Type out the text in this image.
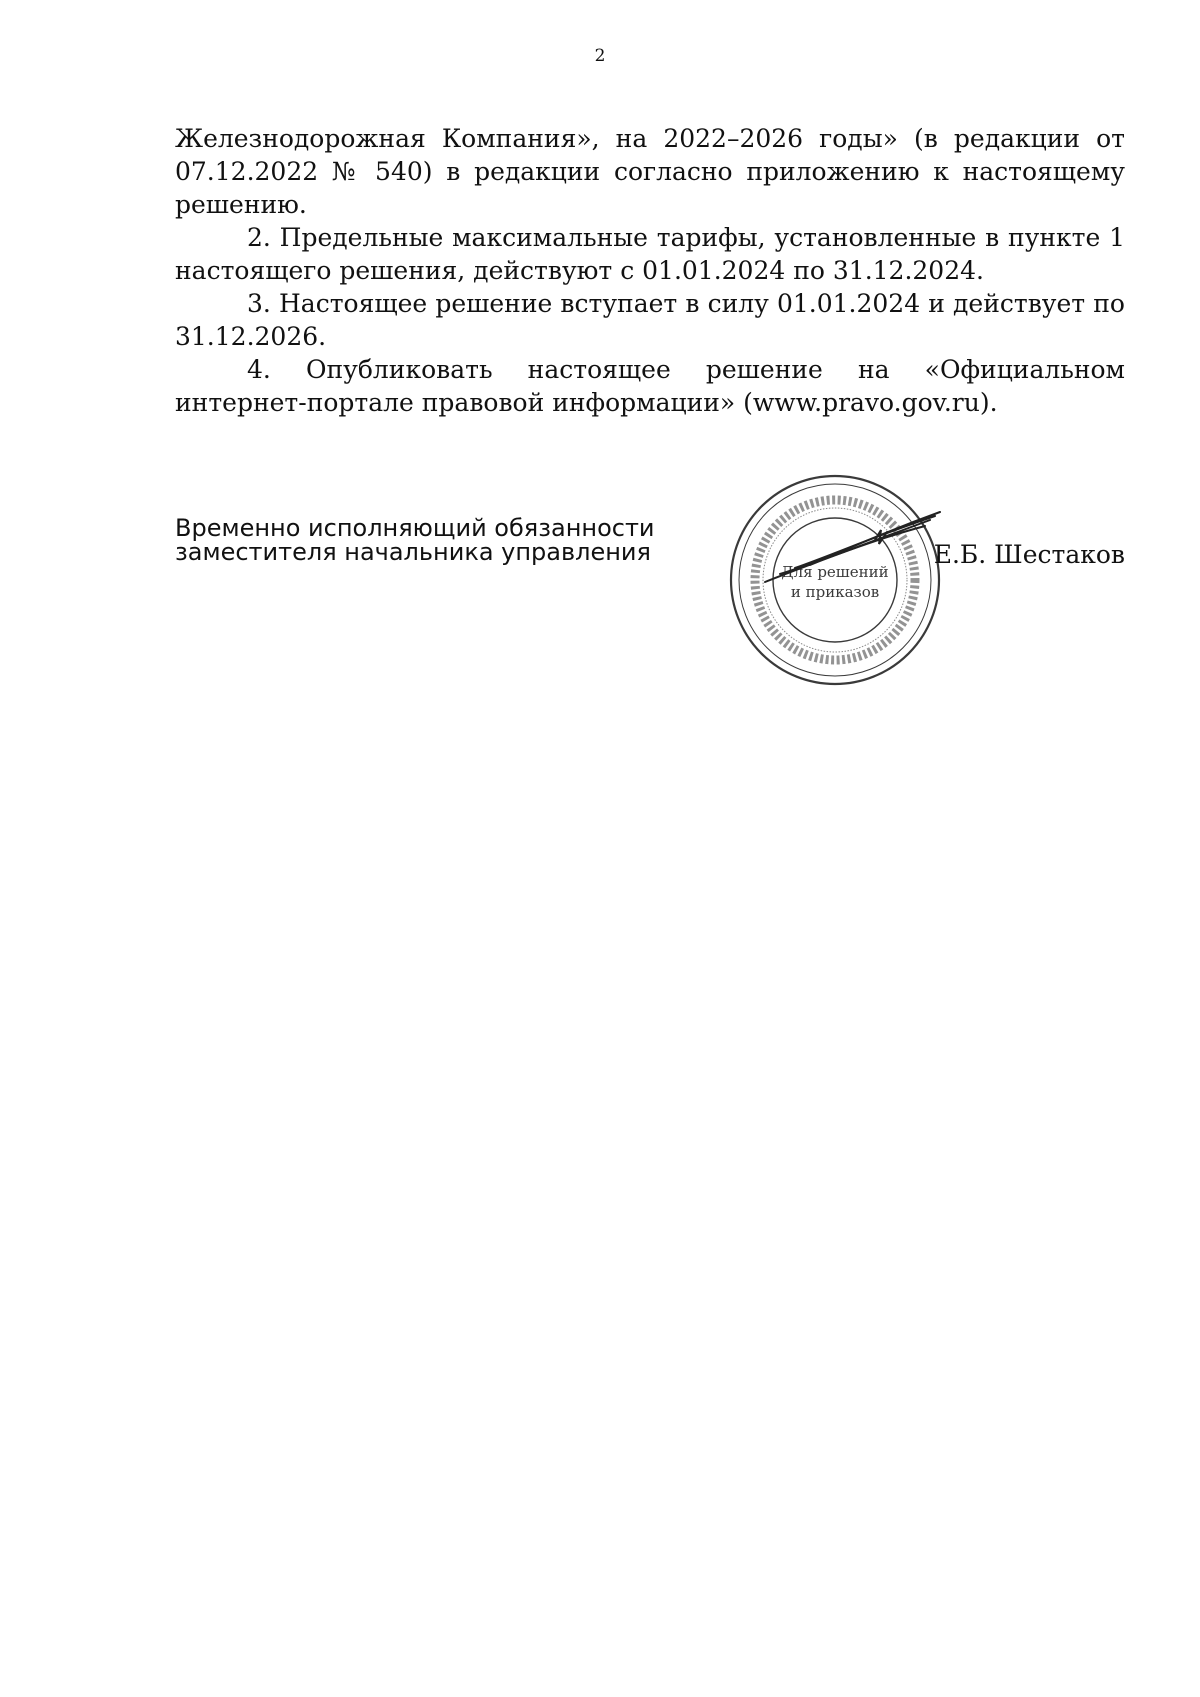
2

Железнодорожная Компания», на 2022–2026 годы» (в редакции от 07.12.2022 № 540) в редакции согласно приложению к настоящему решению.

2. Предельные максимальные тарифы, установленные в пункте 1 настоящего решения, действуют с 01.01.2024 по 31.12.2024.

3. Настоящее решение вступает в силу 01.01.2024 и действует по 31.12.2026.

4. Опубликовать настоящее решение на «Официальном интернет-портале правовой информации» (www.pravo.gov.ru).

Временно исполняющий обязанности
заместителя начальника управления
Для решений
и приказов
Е.Б. Шестаков
